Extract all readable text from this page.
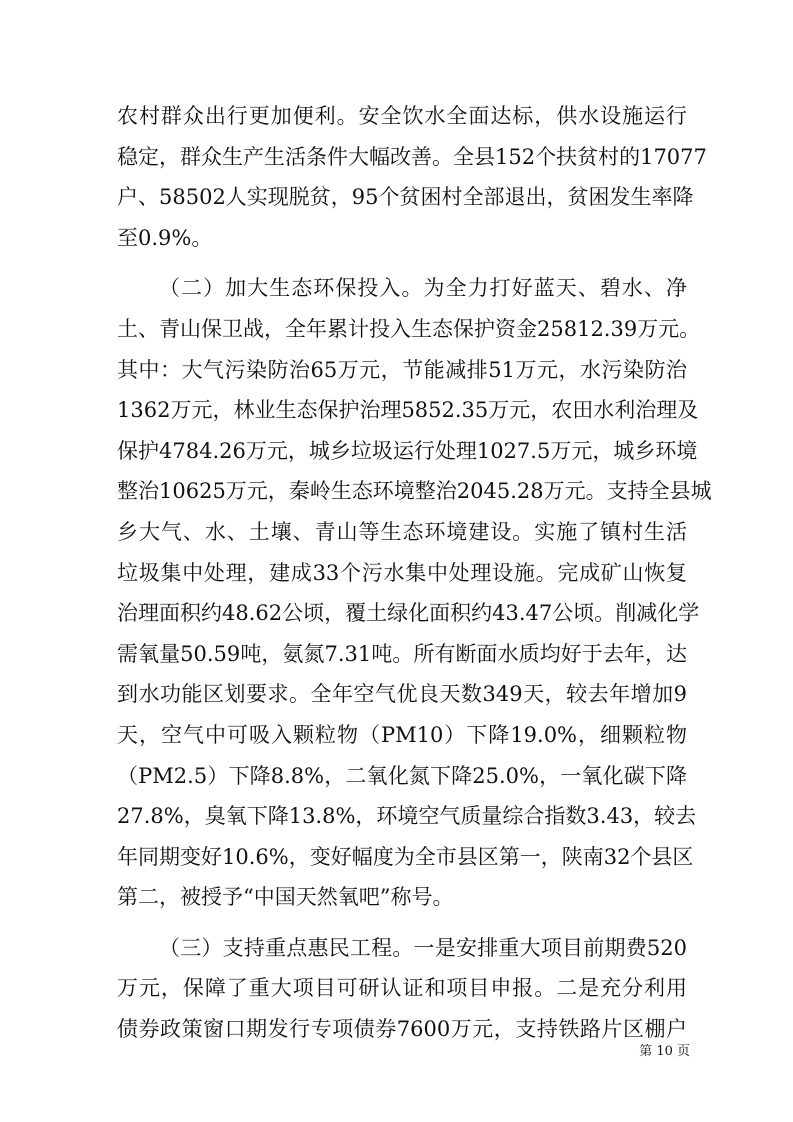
农村群众出行更加便利。安全饮水全面达标，供水设施运行
稳定，群众生产生活条件大幅改善。全县152个扶贫村的17077
户、58502人实现脱贫，95个贫困村全部退出，贫困发生率降
至0.9%。
（二）加大生态环保投入。为全力打好蓝天、碧水、净
土、青山保卫战，全年累计投入生态保护资金25812.39万元。
其中：大气污染防治65万元，节能减排51万元，水污染防治
1362万元，林业生态保护治理5852.35万元，农田水利治理及
保护4784.26万元，城乡垃圾运行处理1027.5万元，城乡环境
整治10625万元，秦岭生态环境整治2045.28万元。支持全县城
乡大气、水、土壤、青山等生态环境建设。实施了镇村生活
垃圾集中处理，建成33个污水集中处理设施。完成矿山恢复
治理面积约48.62公顷，覆土绿化面积约43.47公顷。削减化学
需氧量50.59吨，氨氮7.31吨。所有断面水质均好于去年，达
到水功能区划要求。全年空气优良天数349天，较去年增加9
天，空气中可吸入颗粒物（PM10）下降19.0%，细颗粒物
（PM2.5）下降8.8%，二氧化氮下降25.0%，一氧化碳下降
27.8%，臭氧下降13.8%，环境空气质量综合指数3.43，较去
年同期变好10.6%，变好幅度为全市县区第一，陕南32个县区
第二，被授予“中国天然氧吧”称号。
（三）支持重点惠民工程。一是安排重大项目前期费520
万元，保障了重大项目可研认证和项目申报。二是充分利用
债券政策窗口期发行专项债券7600万元，支持铁路片区棚户
第 10 页
